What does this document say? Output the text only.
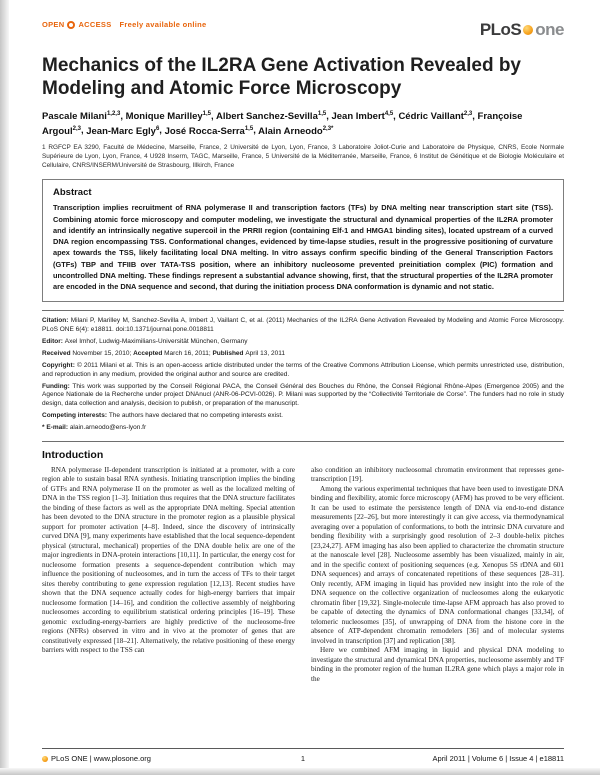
OPEN ACCESS Freely available online	PLoS one
Mechanics of the IL2RA Gene Activation Revealed by Modeling and Atomic Force Microscopy

Pascale Milani$^{1,2,3}$, Monique Marilley$^{1,5}$, Albert Sanchez-Sevilla$^{1,5}$, Jean Imbert$^{4,5}$, Cédric Vaillant$^{2,3}$, Françoise Argoul$^{2,3}$, Jean-Marc Egly$^6$, José Rocca-Serra$^{1,5}$, Alain Arneodo$^{2,3*}$

1 RGFCP EA 3290, Faculté de Médecine, Marseille, France, 2 Université de Lyon, Lyon, France, 3 Laboratoire Joliot-Curie and Laboratoire de Physique, CNRS, Ecole Normale Supérieure de Lyon, Lyon, France, 4 U928 Inserm, TAGC, Marseille, France, 5 Université de la Méditerranée, Marseille, France, 6 Institut de Génétique et de Biologie Moléculaire et Cellulaire, CNRS/INSERM/Université de Strasbourg, Illkirch, France

Abstract

Transcription implies recruitment of RNA polymerase II and transcription factors (TFs) by DNA melting near transcription start site (TSS). Combining atomic force microscopy and computer modeling, we investigate the structural and dynamical properties of the IL2RA promoter and identify an intrinsically negative supercoil in the PRRII region (containing Elf-1 and HMGA1 binding sites), located upstream of a curved DNA region encompassing TSS. Conformational changes, evidenced by time-lapse studies, result in the progressive positioning of curvature apex towards the TSS, likely facilitating local DNA melting. In vitro assays confirm specific binding of the General Transcription Factors (GTFs) TBP and TFIIB over TATA-TSS position, where an inhibitory nucleosome prevented preinitiation complex (PIC) formation and uncontrolled DNA melting. These findings represent a substantial advance showing, first, that the structural properties of the IL2RA promoter are encoded in the DNA sequence and second, that during the initiation process DNA conformation is dynamic and not static.

Citation: Milani P, Marilley M, Sanchez-Sevilla A, Imbert J, Vaillant C, et al. (2011) Mechanics of the IL2RA Gene Activation Revealed by Modeling and Atomic Force Microscopy. PLoS ONE 6(4): e18811. doi:10.1371/journal.pone.0018811

Editor: Axel Imhof, Ludwig-Maximilians-Universität München, Germany

Received November 15, 2010; Accepted March 16, 2011; Published April 13, 2011

Copyright: © 2011 Milani et al. This is an open-access article distributed under the terms of the Creative Commons Attribution License, which permits unrestricted use, distribution, and reproduction in any medium, provided the original author and source are credited.

Funding: This work was supported by the Conseil Régional PACA, the Conseil Général des Bouches du Rhône, the Conseil Régional Rhône-Alpes (Emergence 2005) and the Agence Nationale de la Recherche under project DNAnucl (ANR-06-PCVI-0026). P. Milani was supported by the “Collectivité Territoriale de Corse”. The funders had no role in study design, data collection and analysis, decision to publish, or preparation of the manuscript.

Competing interests: The authors have declared that no competing interests exist.

* E-mail: alain.arneodo@ens-lyon.fr

Introduction

RNA polymerase II-dependent transcription is initiated at a promoter, with a core region able to sustain basal RNA synthesis. Initiating transcription implies the binding of GTFs and RNA polymerase II on the promoter as well as the localized melting of DNA in the TSS region [1–3]. Initiation thus requires that the DNA structure facilitates the binding of these factors as well as the appropriate DNA melting. Special attention has been devoted to the DNA structure in the promoter region as a plausible physical support for promoter activation [4–8]. Indeed, since the discovery of intrinsically curved DNA [9], many experiments have established that the local sequence-dependent physical (structural, mechanical) properties of the DNA double helix are one of the major ingredients in DNA-protein interactions [10,11]. In particular, the energy cost for nucleosome formation presents a sequence-dependent contribution which may influence the positioning of nucleosomes, and in turn the access of TFs to their target sites thereby contributing to gene expression regulation [12,13]. Recent studies have shown that the DNA sequence actually codes for high-energy barriers that impair nucleosome formation [14–16], and condition the collective assembly of neighboring nucleosomes according to equilibrium statistical ordering principles [16–19]. These genomic excluding-energy-barriers are highly predictive of the nucleosome-free regions (NFRs) observed in vitro and in vivo at the promoter of genes that are constitutively expressed [18–21]. Alternatively, the relative positioning of these energy barriers with respect to the TSS can

also condition an inhibitory nucleosomal chromatin environment that represses gene-transcription [19].

Among the various experimental techniques that have been used to investigate DNA binding and flexibility, atomic force microscopy (AFM) has proved to be very efficient. It can be used to estimate the persistence length of DNA via end-to-end distance measurements [22–26], but more interestingly it can give access, via thermodynamical averaging over a population of conformations, to both the intrinsic DNA curvature and bending flexibility with a surprisingly good resolution of 2–3 double-helix pitches [23,24,27]. AFM imaging has also been applied to characterize the chromatin structure at the nanoscale level [28]. Nucleosome assembly has been visualized, mainly in air, and in the specific context of positioning sequences (e.g. Xenopus 5S rDNA and 601 DNA sequences) and arrays of concatenated repetitions of these sequences [28–31]. Only recently, AFM imaging in liquid has provided new insight into the role of the DNA sequence on the collective organization of nucleosomes along the eukaryotic chromatin fiber [19,32]. Single-molecule time-lapse AFM approach has also proved to be capable of detecting the dynamics of DNA conformational changes [33,34], of telomeric nucleosomes [35], of unwrapping of DNA from the histone core in the absence of ATP-dependent chromatin remodelers [36] and of molecular systems involved in transcription [37] and replication [38].

Here we combined AFM imaging in liquid and physical DNA modeling to investigate the structural and dynamical DNA properties, nucleosome assembly and TF binding in the promoter region of the human IL2RA gene which plays a major role in the

PLoS ONE | www.plosone.org	1	April 2011 | Volume 6 | Issue 4 | e18811
